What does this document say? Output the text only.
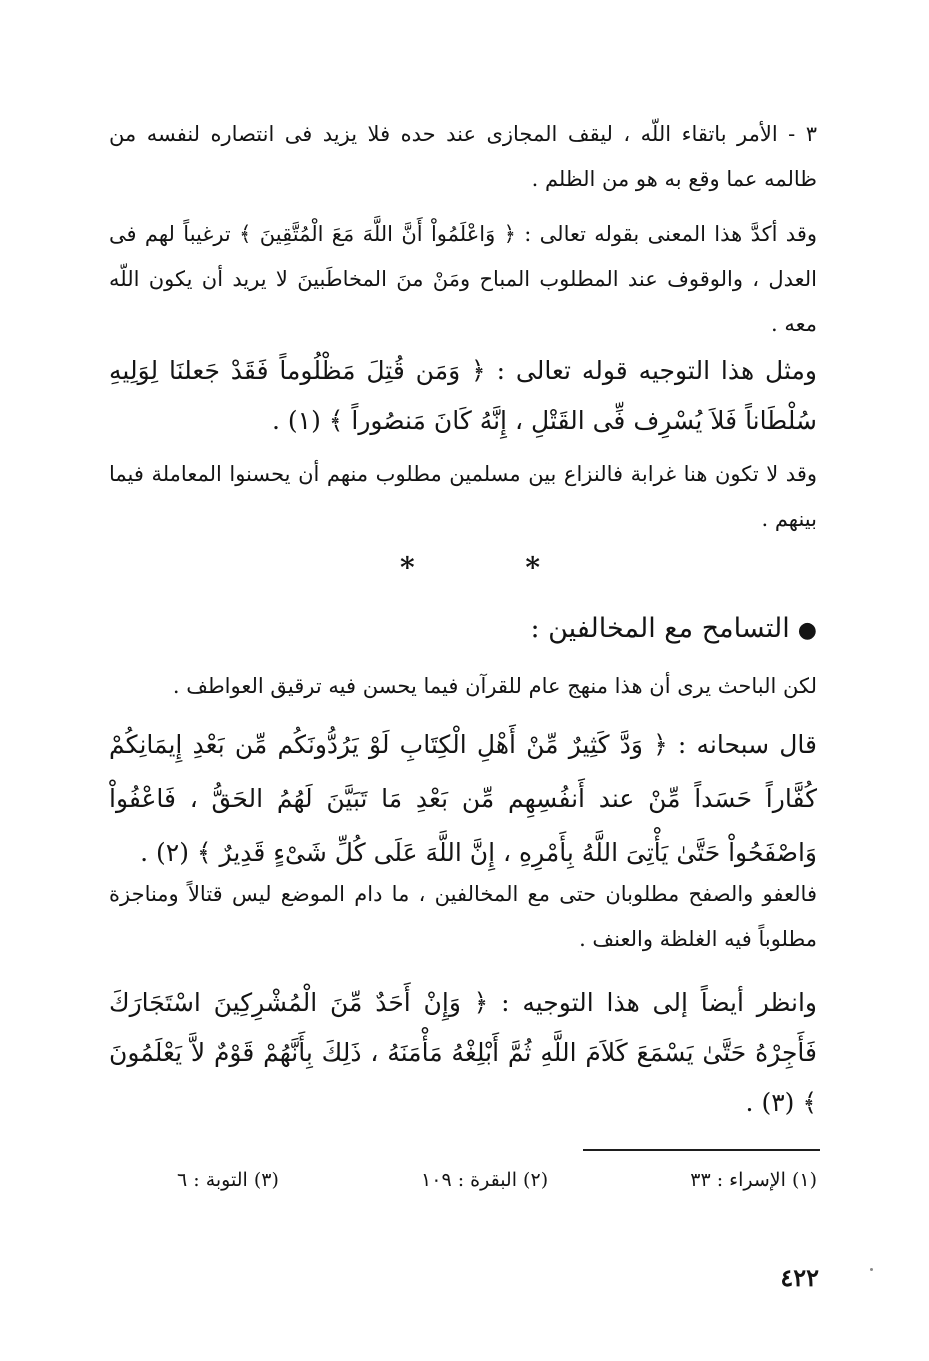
٣ - الأمر باتقاء اللّه ، ليقف المجازى عند حده فلا يزيد فى انتصاره لنفسه من ظالمه عما وقع به هو من الظلم .

وقد أكدَّ هذا المعنى بقوله تعالى : ﴿ وَاعْلَمُواْ أَنَّ اللَّهَ مَعَ الْمُتَّقِينَ ﴾ ترغيباً لهم فى العدل ، والوقوف عند المطلوب المباح ومَنْ منَ المخاطَبينَ لا يريد أن يكون اللّه معه .

ومثل هذا التوجيه قوله تعالى : ﴿ وَمَن قُتِلَ مَظْلُوماً فَقَدْ جَعلنَا لِوَلِيهِ سُلْطَاناً فَلاَ يُسْرِف فِّى القَتْلِ ، إِنَّهُ كَانَ مَنصُوراً ﴾ (١) .

وقد لا تكون هنا غرابة فالنزاع بين مسلمين مطلوب منهم أن يحسنوا المعاملة فيما بينهم .

*	*
●التسامح مع المخالفين :

لكن الباحث يرى أن هذا منهج عام للقرآن فيما يحسن فيه ترقيق العواطف .

قال سبحانه : ﴿ وَدَّ كَثِيرٌ مِّنْ أَهْلِ الْكِتَابِ لَوْ يَرُدُّونَكُم مِّن بَعْدِ إِيمَانِكُمْ كُفَّاراً حَسَداً مِّنْ عند أَنفُسِهِم مِّن بَعْدِ مَا تَبَيَّنَ لَهُمُ الحَقُّ ، فَاعْفُواْ وَاصْفَحُواْ حَتَّىٰ يَأْتِىَ اللَّهُ بِأَمْرِهِ ، إِنَّ اللَّهَ عَلَى كُلِّ شَىْءٍ قَدِيرٌ ﴾ (٢) .

فالعفو والصفح مطلوبان حتى مع المخالفين ، ما دام الموضع ليس قتالاً ومناجزة مطلوباً فيه الغلظة والعنف .

وانظر أيضاً إلى هذا التوجيه : ﴿ وَإِنْ أَحَدٌ مِّنَ الْمُشْرِكِينَ اسْتَجَارَكَ فَأَجِرْهُ حَتَّىٰ يَسْمَعَ كَلاَمَ اللَّهِ ثُمَّ أَبْلِغْهُ مَأْمَنَهُ ، ذَلِكَ بِأَنَّهُمْ قَوْمٌ لاَّ يَعْلَمُونَ ﴾ (٣) .

(١) الإسراء : ٣٣
(٢) البقرة : ١٠٩
(٣) التوبة : ٦
٤٢٢
